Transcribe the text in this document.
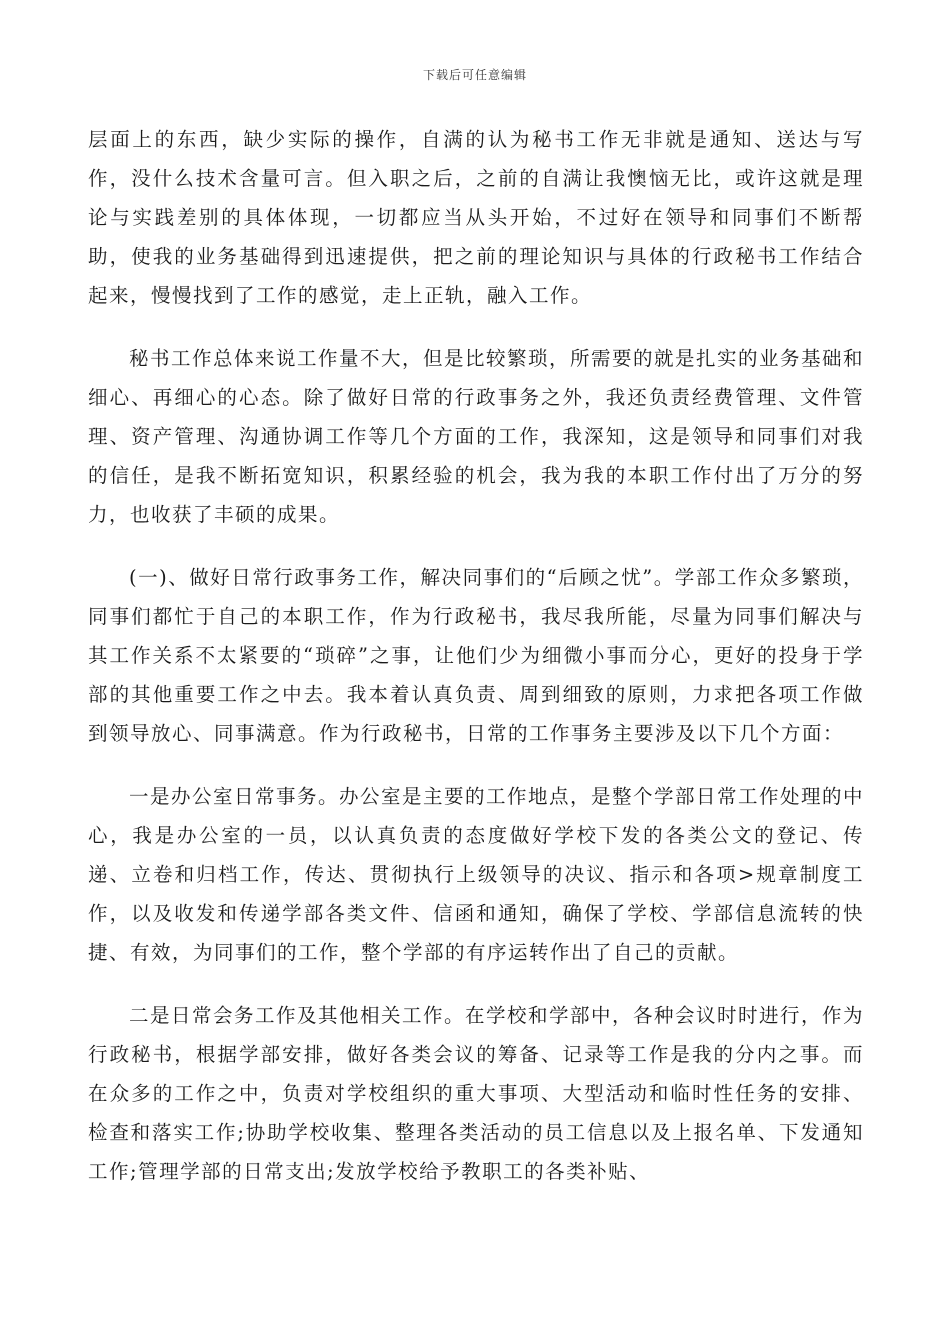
下载后可任意编辑

层面上的东西，缺少实际的操作，自满的认为秘书工作无非就是通知、送达与写作，没什么技术含量可言。但入职之后，之前的自满让我懊恼无比，或许这就是理论与实践差别的具体体现，一切都应当从头开始，不过好在领导和同事们不断帮助，使我的业务基础得到迅速提供，把之前的理论知识与具体的行政秘书工作结合起来，慢慢找到了工作的感觉，走上正轨，融入工作。

秘书工作总体来说工作量不大，但是比较繁琐，所需要的就是扎实的业务基础和细心、再细心的心态。除了做好日常的行政事务之外，我还负责经费管理、文件管理、资产管理、沟通协调工作等几个方面的工作，我深知，这是领导和同事们对我的信任，是我不断拓宽知识，积累经验的机会，我为我的本职工作付出了万分的努力，也收获了丰硕的成果。

(一)、做好日常行政事务工作，解决同事们的“后顾之忧”。学部工作众多繁琐，同事们都忙于自己的本职工作，作为行政秘书，我尽我所能，尽量为同事们解决与其工作关系不太紧要的“琐碎”之事，让他们少为细微小事而分心，更好的投身于学部的其他重要工作之中去。我本着认真负责、周到细致的原则，力求把各项工作做到领导放心、同事满意。作为行政秘书，日常的工作事务主要涉及以下几个方面：

一是办公室日常事务。办公室是主要的工作地点，是整个学部日常工作处理的中心，我是办公室的一员，以认真负责的态度做好学校下发的各类公文的登记、传递、立卷和归档工作，传达、贯彻执行上级领导的决议、指示和各项>规章制度工作，以及收发和传递学部各类文件、信函和通知，确保了学校、学部信息流转的快捷、有效，为同事们的工作，整个学部的有序运转作出了自己的贡献。

二是日常会务工作及其他相关工作。在学校和学部中，各种会议时时进行，作为行政秘书，根据学部安排，做好各类会议的筹备、记录等工作是我的分内之事。而在众多的工作之中，负责对学校组织的重大事项、大型活动和临时性任务的安排、检查和落实工作;协助学校收集、整理各类活动的员工信息以及上报名单、下发通知工作;管理学部的日常支出;发放学校给予教职工的各类补贴、
